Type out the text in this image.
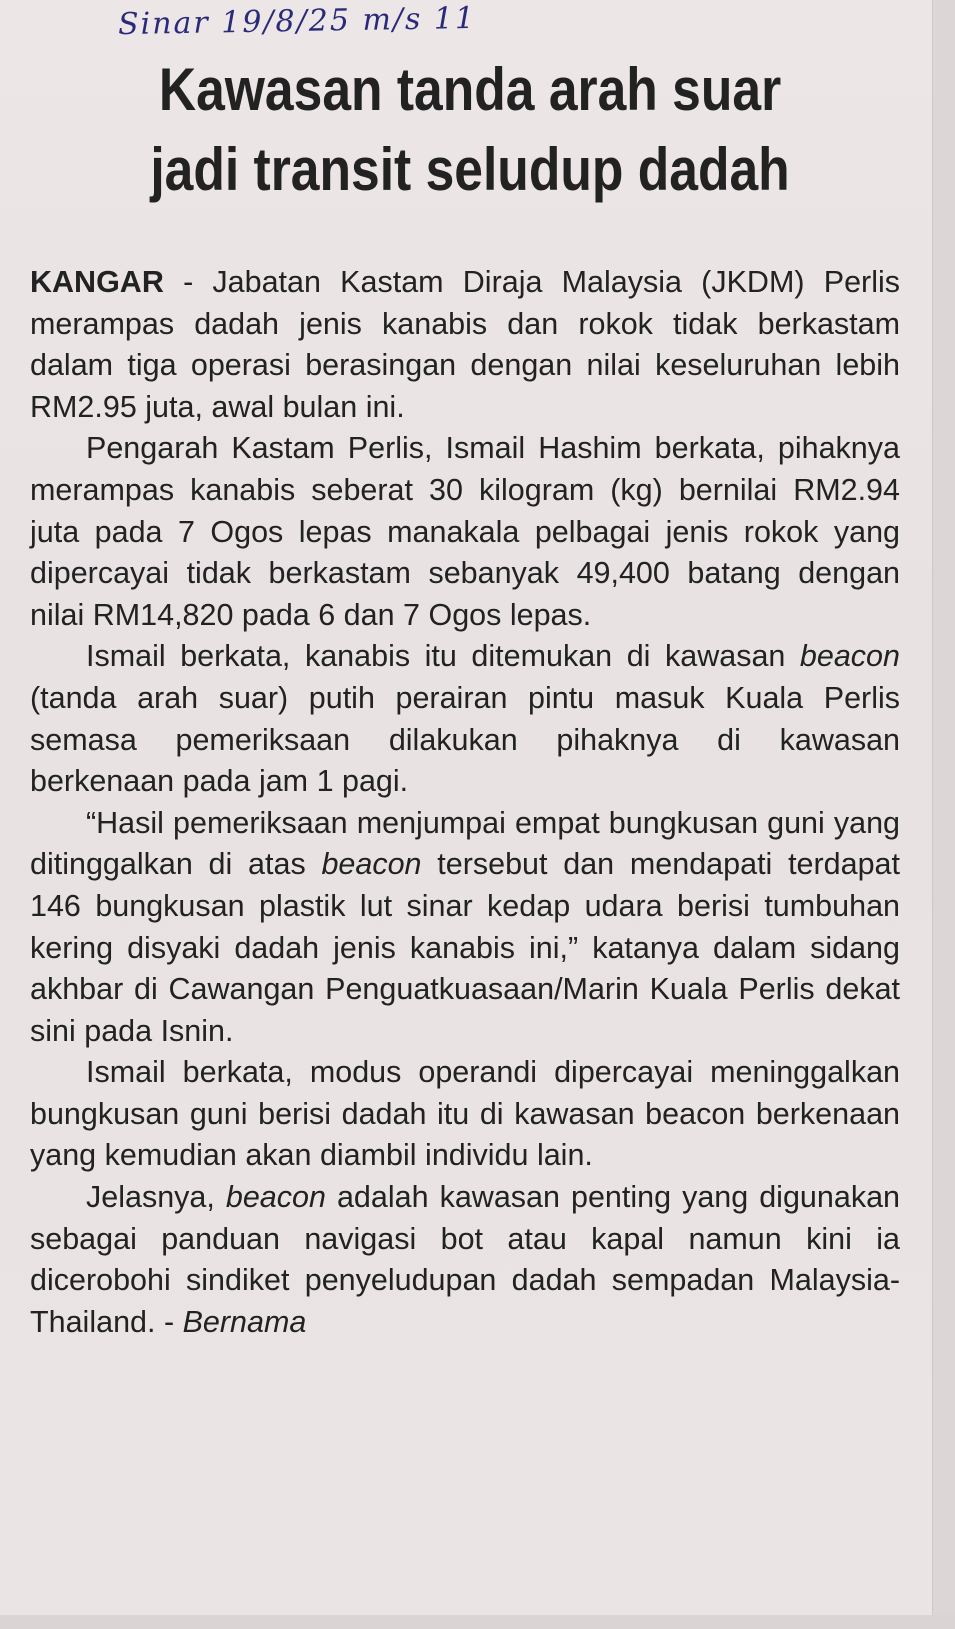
Sinar 19/8/25 m/s 11
Kawasan tanda arah suar
jadi transit seludup dadah

KANGAR - Jabatan Kastam Diraja Malaysia (JKDM) Perlis merampas dadah jenis kanabis dan rokok tidak berkastam dalam tiga operasi berasingan dengan nilai keseluruhan lebih RM2.95 juta, awal bulan ini.

Pengarah Kastam Perlis, Ismail Hashim berkata, pihaknya merampas kanabis seberat 30 kilogram (kg) bernilai RM2.94 juta pada 7 Ogos lepas manakala pelbagai jenis rokok yang dipercayai tidak berkastam sebanyak 49,400 batang dengan nilai RM14,820 pada 6 dan 7 Ogos lepas.

Ismail berkata, kanabis itu ditemukan di kawasan beacon (tanda arah suar) putih perairan pintu masuk Kuala Perlis semasa pemeriksaan dilakukan pihaknya di kawasan berkenaan pada jam 1 pagi.

“Hasil pemeriksaan menjumpai empat bungkusan guni yang ditinggalkan di atas beacon tersebut dan mendapati terdapat 146 bungkusan plastik lut sinar kedap udara berisi tumbuhan kering disyaki dadah jenis kanabis ini,” katanya dalam sidang akhbar di Cawangan Penguatkuasaan/Marin Kuala Perlis dekat sini pada Isnin.

Ismail berkata, modus operandi dipercayai meninggalkan bungkusan guni berisi dadah itu di kawasan beacon berkenaan yang kemudian akan diambil individu lain.

Jelasnya, beacon adalah kawasan penting yang digunakan sebagai panduan navigasi bot atau kapal namun kini ia dicerobohi sindiket penyeludupan dadah sempadan Malaysia-Thailand. - Bernama
